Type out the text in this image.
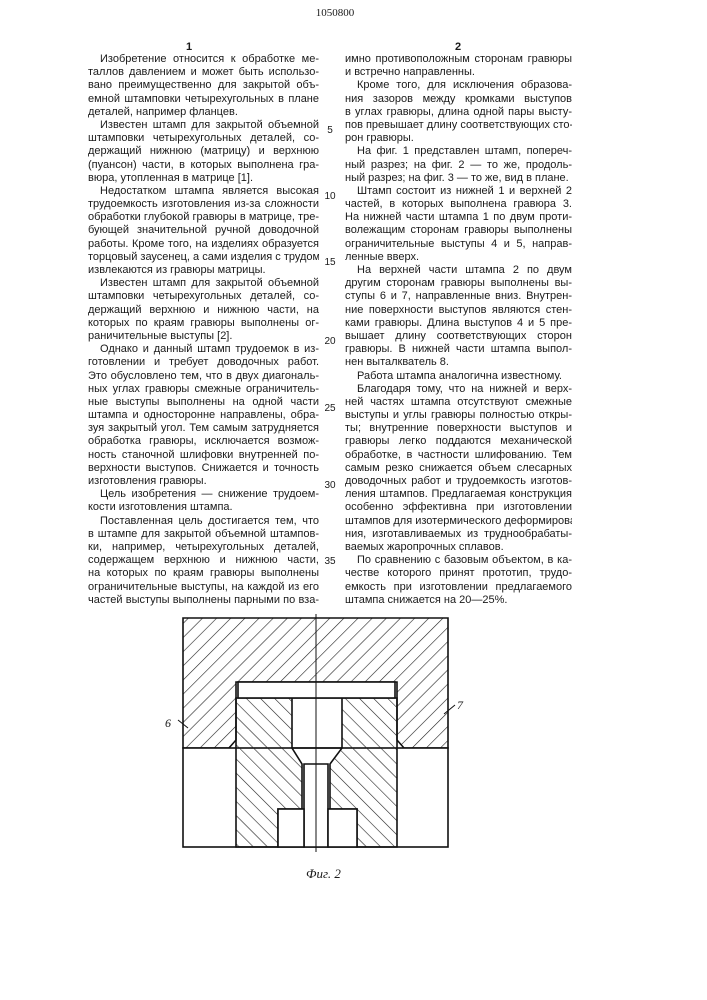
1050800
1	2
Изобретение относится к обработке ме-
таллов давлением и может быть использо-
вано преимущественно для закрытой объ-
емной штамповки четырехугольных в плане
деталей, например фланцев.
Известен штамп для закрытой объемной
штамповки четырехугольных деталей, со-
держащий нижнюю (матрицу) и верхнюю
(пуансон) части, в которых выполнена гра-
вюра, утопленная в матрице [1].
Недостатком штампа является высокая
трудоемкость изготовления из-за сложности
обработки глубокой гравюры в матрице, тре-
бующей значительной ручной доводочной
работы. Кроме того, на изделиях образуется
торцовый заусенец, а сами изделия с трудом
извлекаются из гравюры матрицы.
Известен штамп для закрытой объемной
штамповки четырехугольных деталей, со-
держащий верхнюю и нижнюю части, на
которых по краям гравюры выполнены ог-
раничительные выступы [2].
Однако и данный штамп трудоемок в из-
готовлении и требует доводочных работ.
Это обусловлено тем, что в двух диагональ-
ных углах гравюры смежные ограничитель-
ные выступы выполнены на одной части
штампа и односторонне направлены, обра-
зуя закрытый угол. Тем самым затрудняется
обработка гравюры, исключается возмож-
ность станочной шлифовки внутренней по-
верхности выступов. Снижается и точность
изготовления гравюры.
Цель изобретения — снижение трудоем-
кости изготовления штампа.
Поставленная цель достигается тем, что
в штампе для закрытой объемной штампов-
ки, например, четырехугольных деталей,
содержащем верхнюю и нижнюю части,
на которых по краям гравюры выполнены
ограничительные выступы, на каждой из его
частей выступы выполнены парными по вза-
имно противоположным сторонам гравюры
и встречно направленны.
Кроме того, для исключения образова-
ния зазоров между кромками выступов
в углах гравюры, длина одной пары высту-
пов превышает длину соответствующих сто-
рон гравюры.
На фиг. 1 представлен штамп, попереч-
ный разрез; на фиг. 2 — то же, продоль-
ный разрез; на фиг. 3 — то же, вид в плане.
Штамп состоит из нижней 1 и верхней 2
частей, в которых выполнена гравюра 3.
На нижней части штампа 1 по двум проти-
волежащим сторонам гравюры выполнены
ограничительные выступы 4 и 5, направ-
ленные вверх.
На верхней части штампа 2 по двум
другим сторонам гравюры выполнены вы-
ступы 6 и 7, направленные вниз. Внутрен-
ние поверхности выступов являются стен-
ками гравюры. Длина выступов 4 и 5 пре-
вышает длину соответствующих сторон
гравюры. В нижней части штампа выпол-
нен выталкватель 8.
Работа штампа аналогична известному.
Благодаря тому, что на нижней и верх-
ней частях штампа отсутствуют смежные
выступы и углы гравюры полностью откры-
ты; внутренние поверхности выступов и
гравюры легко поддаются механической
обработке, в частности шлифованию. Тем
самым резко снижается объем слесарных
доводочных работ и трудоемкость изготов-
ления штампов. Предлагаемая конструкция
особенно эффективна при изготовлении
штампов для изотермического деформирова-
ния, изготавливаемых из труднообрабаты-
ваемых жаропрочных сплавов.
По сравнению с базовым объектом, в ка-
честве которого принят прототип, трудо-
емкость при изготовлении предлагаемого
штампа снижается на 20—25%.
5
10
15
20
25
30
35
6
7
Фиг. 2
